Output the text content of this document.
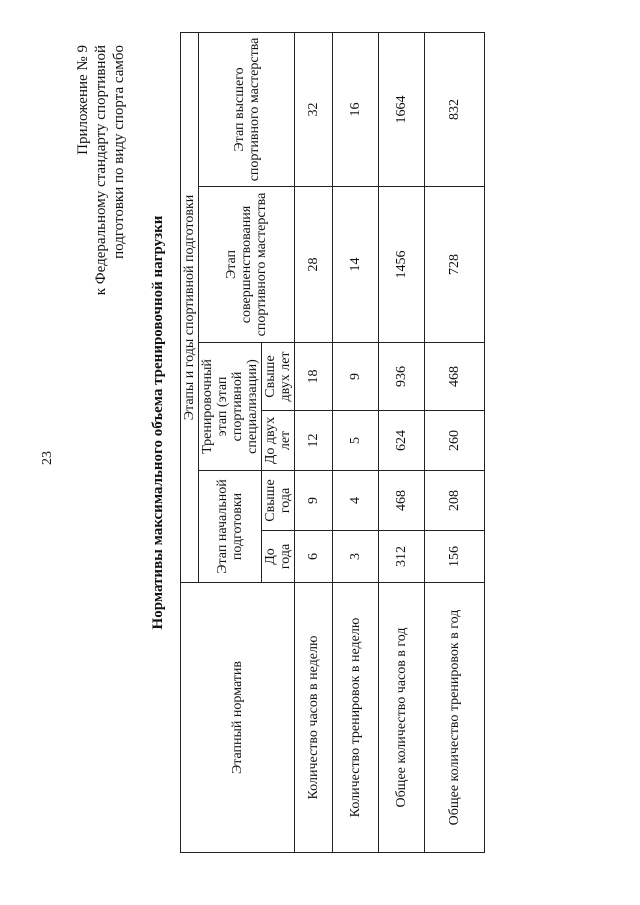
23
Приложение № 9 к Федеральному стандарту спортивной подготовки по виду спорта самбо
Нормативы максимального объема тренировочной нагрузки
Этапный норматив	Этапы и годы спортивной подготовки					
	Этап начальной подготовки		Тренировочный этап (этап спортивной специализации)		Этап совершенствования спортивного мастерства	Этап высшего спортивного мастерства
	До года	Свыше года	До двух лет	Свыше двух лет		
Количество часов в неделю	6	9	12	18	28	32
Количество тренировок в неделю	3	4	5	9	14	16
Общее количество часов в год	312	468	624	936	1456	1664
Общее количество тренировок в год	156	208	260	468	728	832
